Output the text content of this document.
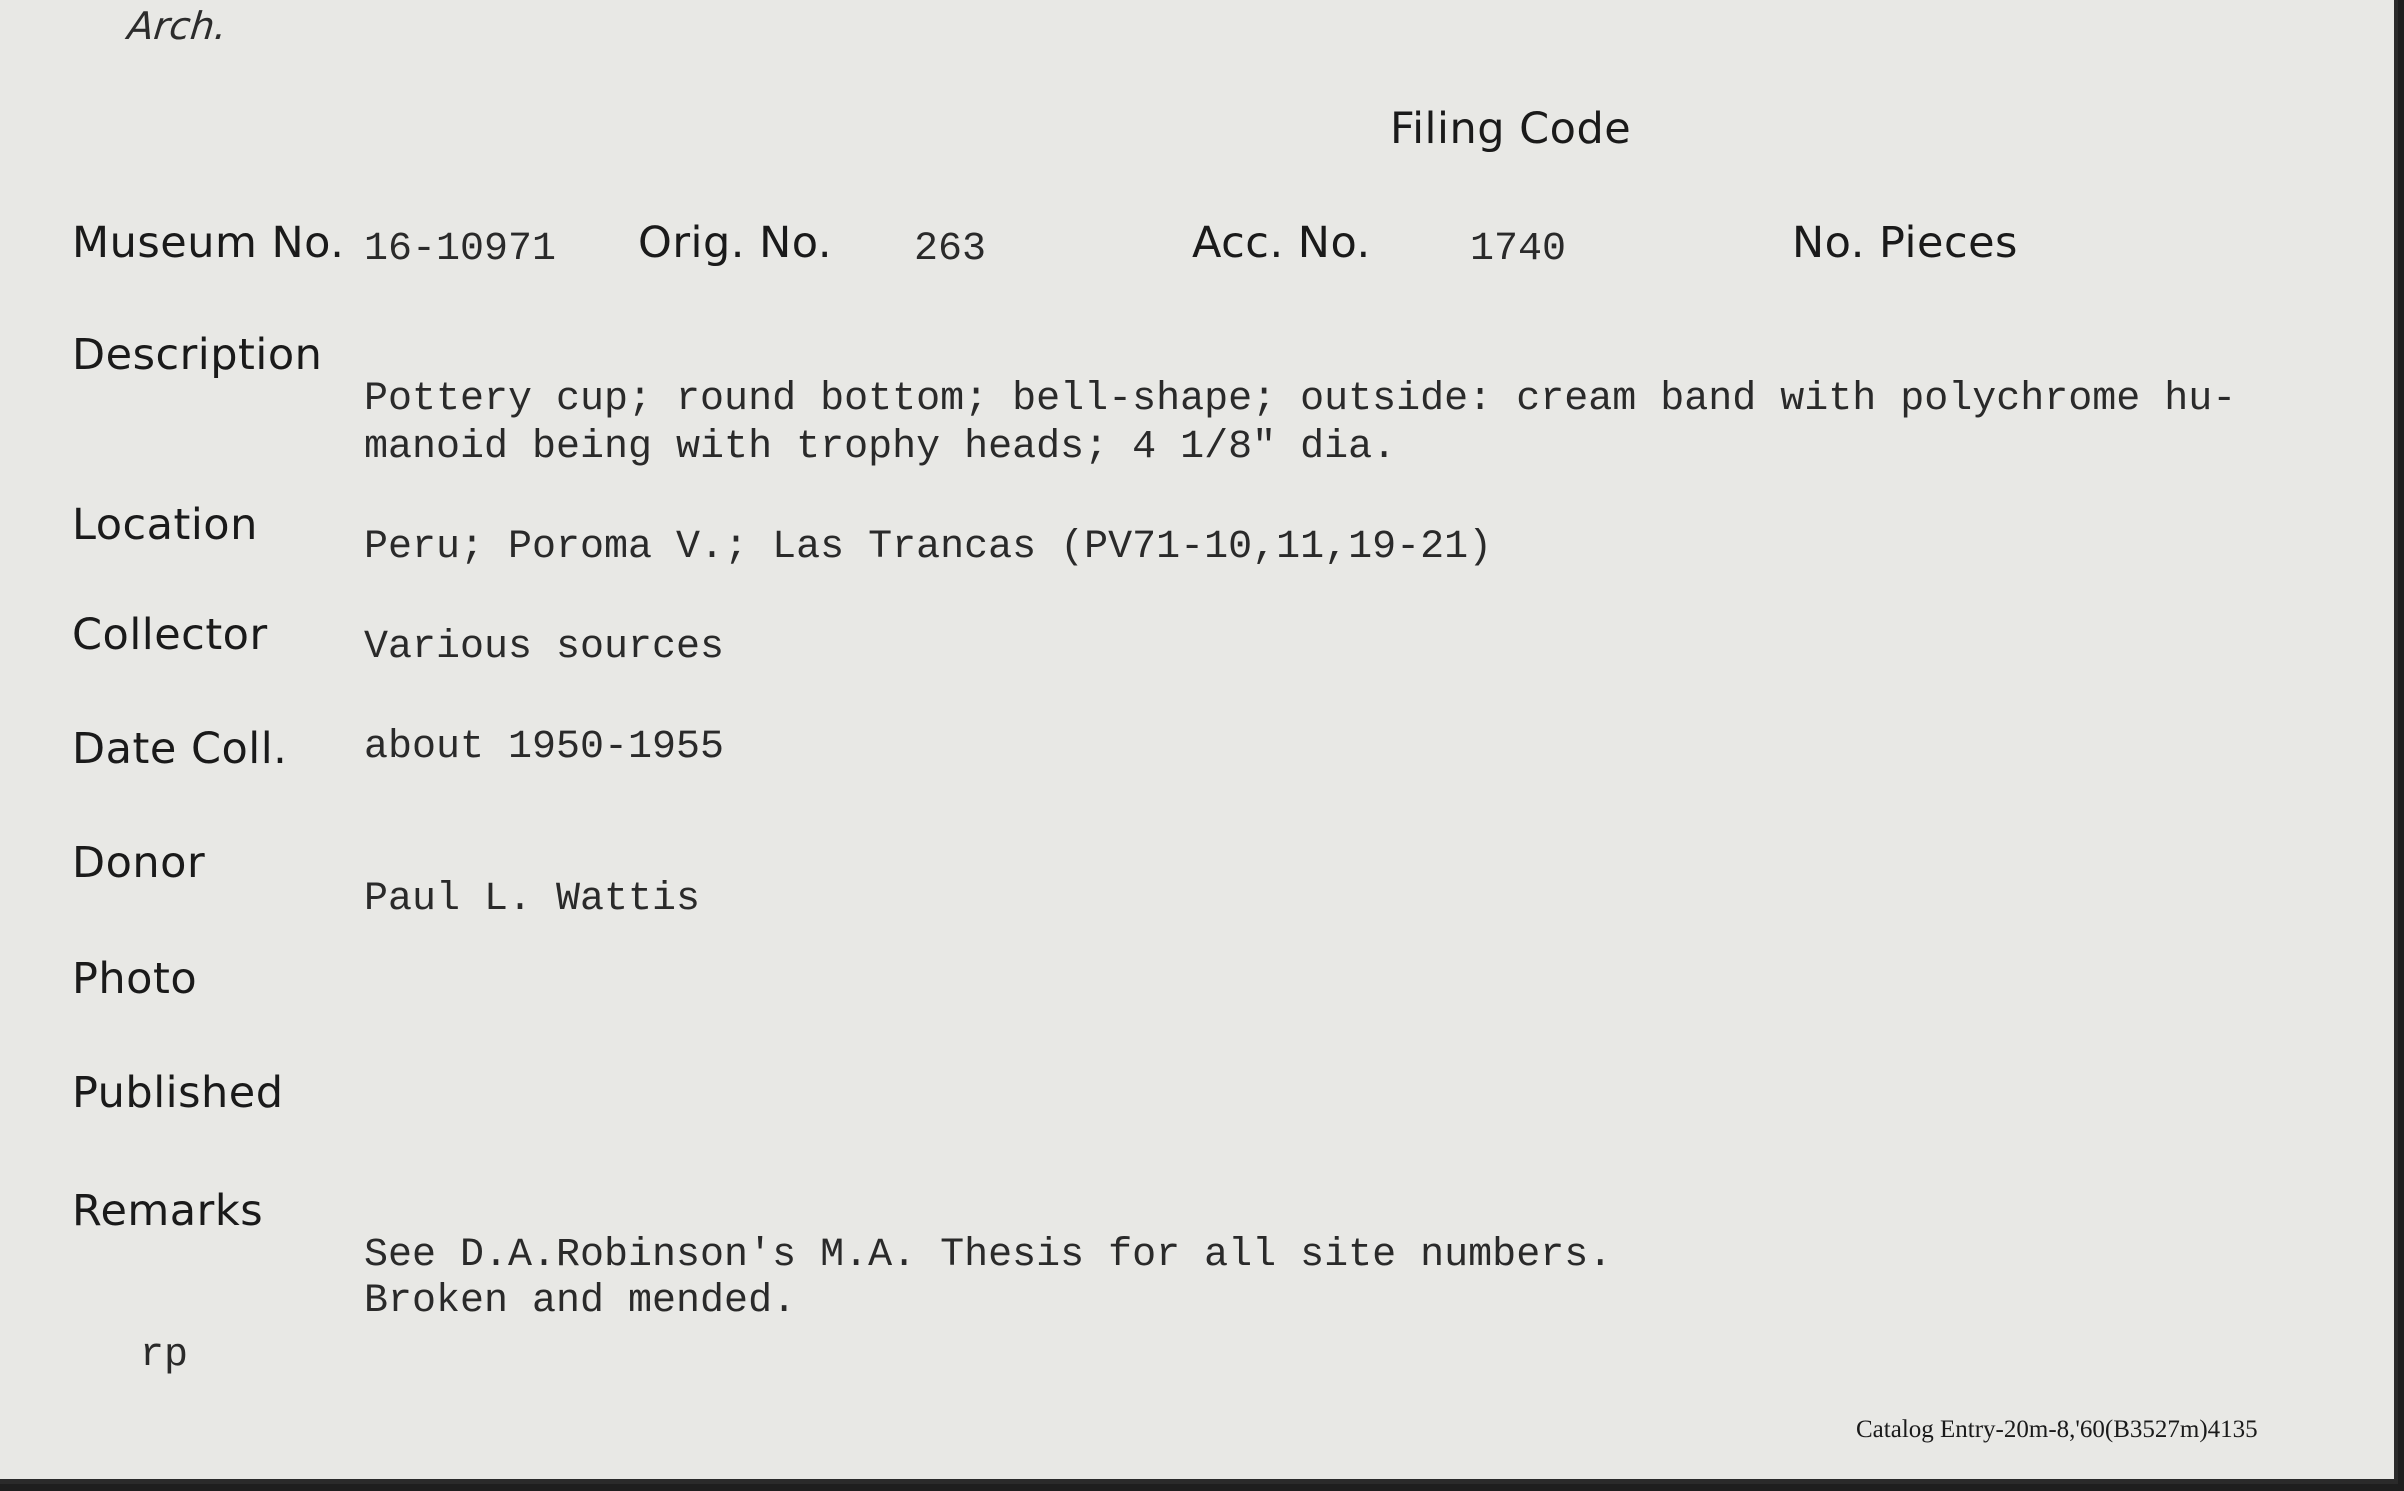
Arch.
Filing Code
Museum No. 16-10971 Orig. No. 263	Acc. No. 1740	No. Pieces
Description
Pottery cup; round bottom; bell-shape; outside: cream band with polychrome hu-
manoid being with trophy heads; 4 1/8" dia.
Location	Peru; Poroma V.; Las Trancas (PV71-10,11,19-21)
Collector Various sources
Date Coll. about 1950-1955
Donor
Paul L. Wattis
Photo
Published
Remarks
See D.A.Robinson's M.A. Thesis for all site numbers.
Broken and mended.
rp
Catalog Entry-20m-8,'60(B3527m)4135
